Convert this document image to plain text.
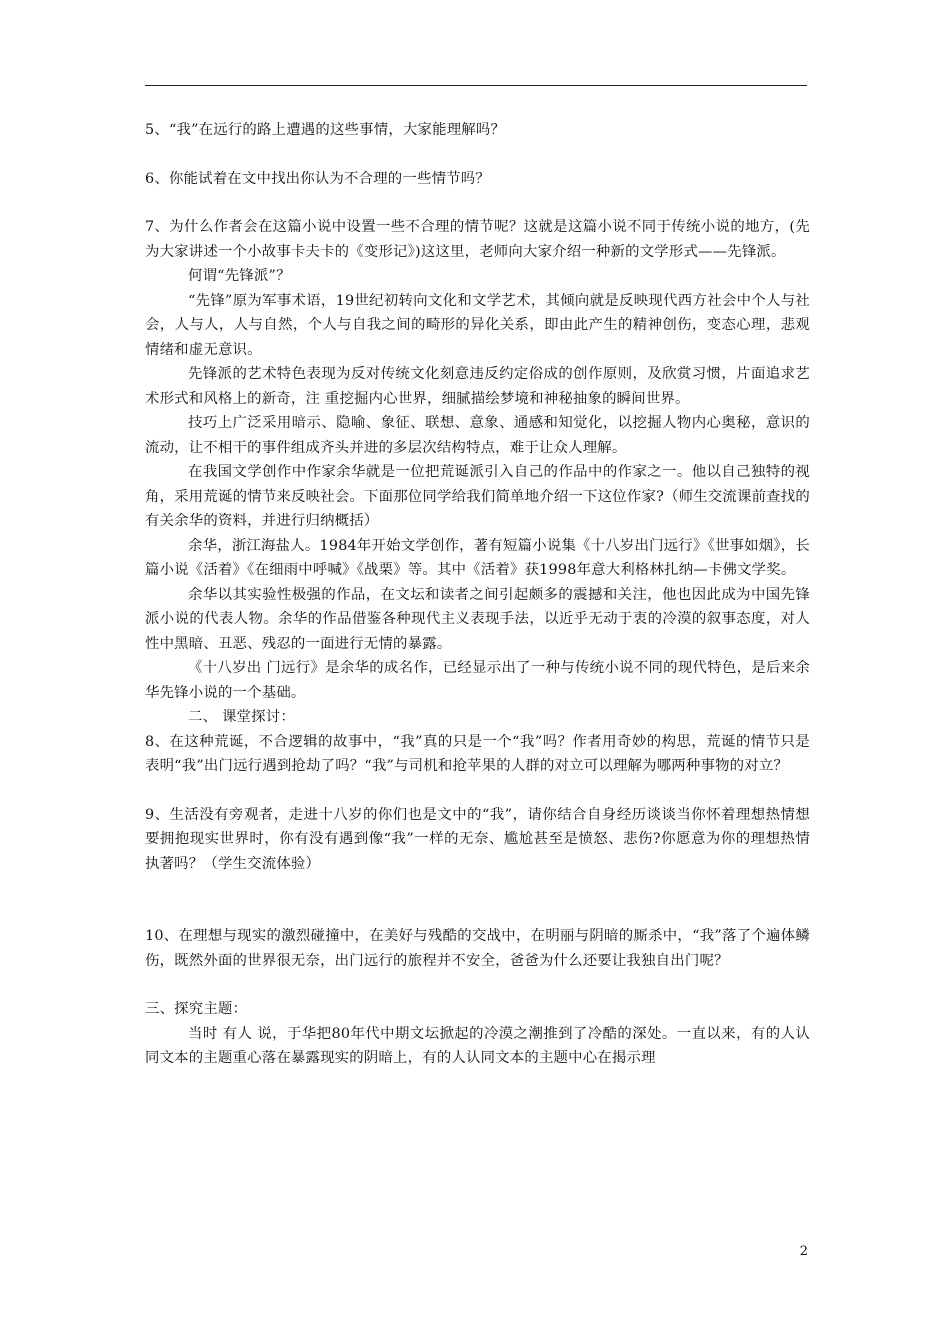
5、“我”在远行的路上遭遇的这些事情，大家能理解吗？

6、你能试着在文中找出你认为不合理的一些情节吗？

7、为什么作者会在这篇小说中设置一些不合理的情节呢？这就是这篇小说不同于传统小说的地方，(先为大家讲述一个小故事卡夫卡的《变形记》)这这里，老师向大家介绍一种新的文学形式——先锋派。

何谓“先锋派”？

“先锋”原为军事术语，19世纪初转向文化和文学艺术，其倾向就是反映现代西方社会中个人与社会，人与人，人与自然，个人与自我之间的畸形的异化关系，即由此产生的精神创伤，变态心理，悲观情绪和虚无意识。

先锋派的艺术特色表现为反对传统文化刻意违反约定俗成的创作原则，及欣赏习惯，片面追求艺术形式和风格上的新奇，注 重挖掘内心世界，细腻描绘梦境和神秘抽象的瞬间世界。

技巧上广泛采用暗示、隐喻、象征、联想、意象、通感和知觉化，以挖掘人物内心奥秘，意识的流动，让不相干的事件组成齐头并进的多层次结构特点，难于让众人理解。

在我国文学创作中作家余华就是一位把荒诞派引入自己的作品中的作家之一。他以自己独特的视角，采用荒诞的情节来反映社会。下面那位同学给我们简单地介绍一下这位作家?（师生交流课前查找的有关余华的资料，并进行归纳概括）

余华，浙江海盐人。1984年开始文学创作，著有短篇小说集《十八岁出门远行》《世事如烟》，长篇小说《活着》《在细雨中呼喊》《战栗》等。其中《活着》获1998年意大利格林扎纳—卡佛文学奖。

余华以其实验性极强的作品，在文坛和读者之间引起颇多的震撼和关注，他也因此成为中国先锋派小说的代表人物。余华的作品借鉴各种现代主义表现手法，以近乎无动于衷的冷漠的叙事态度，对人性中黑暗、丑恶、残忍的一面进行无情的暴露。

《十八岁出 门远行》是余华的成名作，已经显示出了一种与传统小说不同的现代特色，是后来余华先锋小说的一个基础。

二、 课堂探讨：

8、在这种荒诞，不合逻辑的故事中，“我”真的只是一个“我”吗？作者用奇妙的构思，荒诞的情节只是表明“我”出门远行遇到抢劫了吗？“我”与司机和抢苹果的人群的对立可以理解为哪两种事物的对立？

9、生活没有旁观者，走进十八岁的你们也是文中的“我”，请你结合自身经历谈谈当你怀着理想热情想要拥抱现实世界时，你有没有遇到像“我”一样的无奈、尴尬甚至是愤怒、悲伤?你愿意为你的理想热情执著吗？（学生交流体验）

10、在理想与现实的激烈碰撞中，在美好与残酷的交战中，在明丽与阴暗的厮杀中，“我”落了个遍体鳞伤，既然外面的世界很无奈，出门远行的旅程并不安全，爸爸为什么还要让我独自出门呢？

三、探究主题：

当时 有人 说，于华把80年代中期文坛掀起的冷漠之潮推到了冷酷的深处。一直以来，有的人认同文本的主题重心落在暴露现实的阴暗上，有的人认同文本的主题中心在揭示理

2
